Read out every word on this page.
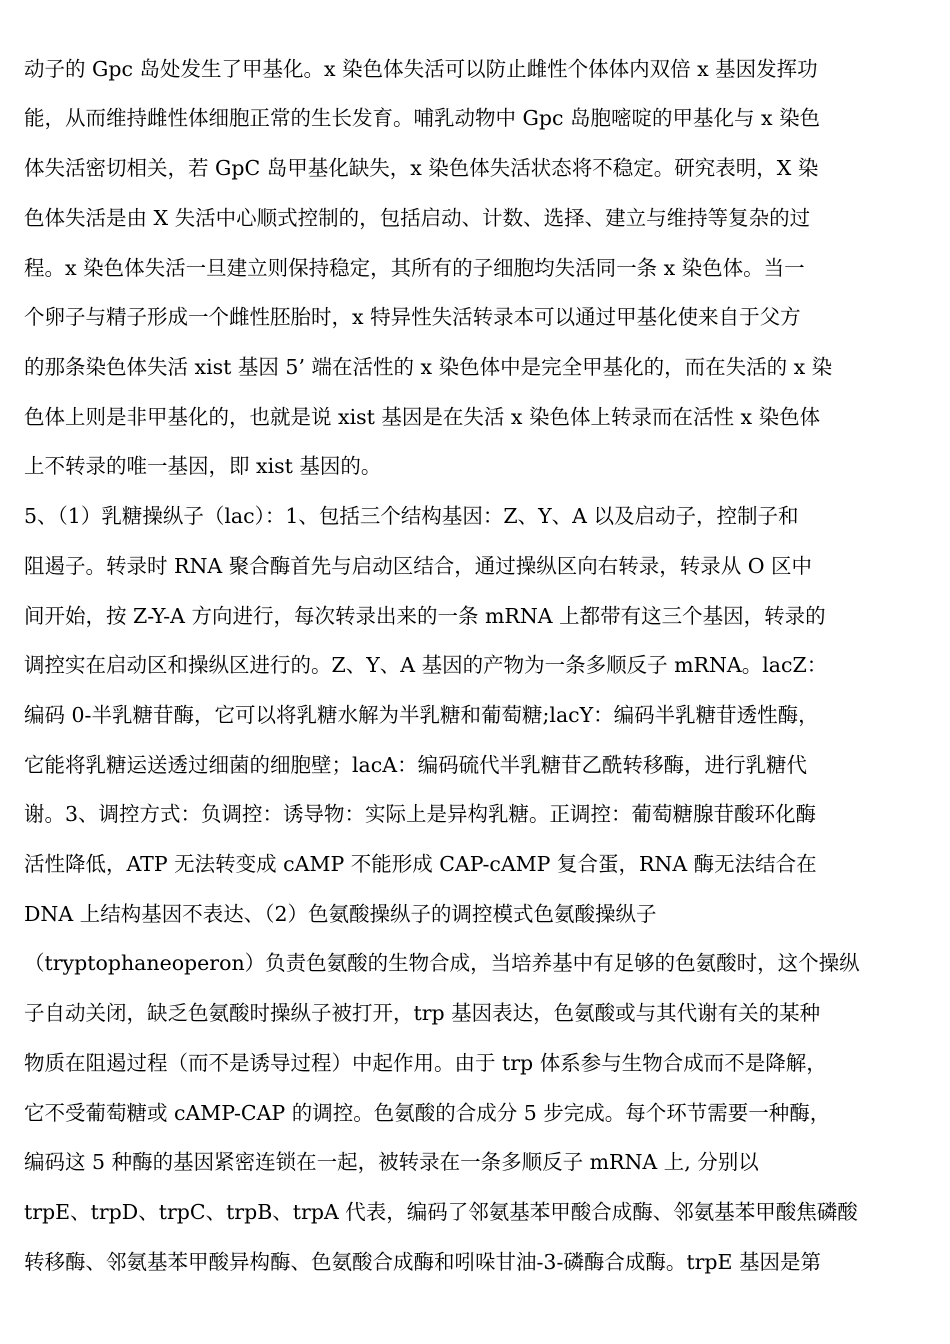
动子的 Gpc 岛处发生了甲基化。x 染色体失活可以防止雌性个体体内双倍 x 基因发挥功
能，从而维持雌性体细胞正常的生长发育。哺乳动物中 Gpc 岛胞嘧啶的甲基化与 x 染色
体失活密切相关，若 GpC 岛甲基化缺失，x 染色体失活状态将不稳定。研究表明，X 染
色体失活是由 X 失活中心顺式控制的，包括启动、计数、选择、建立与维持等复杂的过
程。x 染色体失活一旦建立则保持稳定，其所有的子细胞均失活同一条 x 染色体。当一
个卵子与精子形成一个雌性胚胎时，x 特异性失活转录本可以通过甲基化使来自于父方
的那条染色体失活 xist 基因 5’ 端在活性的 x 染色体中是完全甲基化的，而在失活的 x 染
色体上则是非甲基化的，也就是说 xist 基因是在失活 x 染色体上转录而在活性 x 染色体
上不转录的唯一基因，即 xist 基因的。
5、（1）乳糖操纵子（lac）：1、包括三个结构基因：Z、Y、A 以及启动子，控制子和
阻遏子。转录时 RNA 聚合酶首先与启动区结合，通过操纵区向右转录，转录从 O 区中
间开始，按 Z-Y-A 方向进行，每次转录出来的一条 mRNA 上都带有这三个基因，转录的
调控实在启动区和操纵区进行的。Z、Y、A 基因的产物为一条多顺反子 mRNA。lacZ：
编码 0-半乳糖苷酶，它可以将乳糖水解为半乳糖和葡萄糖;lacY：编码半乳糖苷透性酶，
它能将乳糖运送透过细菌的细胞壁；lacA：编码硫代半乳糖苷乙酰转移酶，进行乳糖代
谢。3、调控方式：负调控：诱导物：实际上是异构乳糖。正调控：葡萄糖腺苷酸环化酶
活性降低，ATP 无法转变成 cAMP 不能形成 CAP-cAMP 复合蛋，RNA 酶无法结合在
DNA 上结构基因不表达、（2）色氨酸操纵子的调控模式色氨酸操纵子
（tryptophaneoperon）负责色氨酸的生物合成，当培养基中有足够的色氨酸时，这个操纵
子自动关闭，缺乏色氨酸时操纵子被打开，trp 基因表达，色氨酸或与其代谢有关的某种
物质在阻遏过程（而不是诱导过程）中起作用。由于 trp 体系参与生物合成而不是降解，
它不受葡萄糖或 cAMP-CAP 的调控。色氨酸的合成分 5 步完成。每个环节需要一种酶，
编码这 5 种酶的基因紧密连锁在一起，被转录在一条多顺反子 mRNA 上, 分别以
trpE、trpD、trpC、trpB、trpA 代表，编码了邻氨基苯甲酸合成酶、邻氨基苯甲酸焦磷酸
转移酶、邻氨基苯甲酸异构酶、色氨酸合成酶和吲哚甘油-3-磷酶合成酶。trpE 基因是第
